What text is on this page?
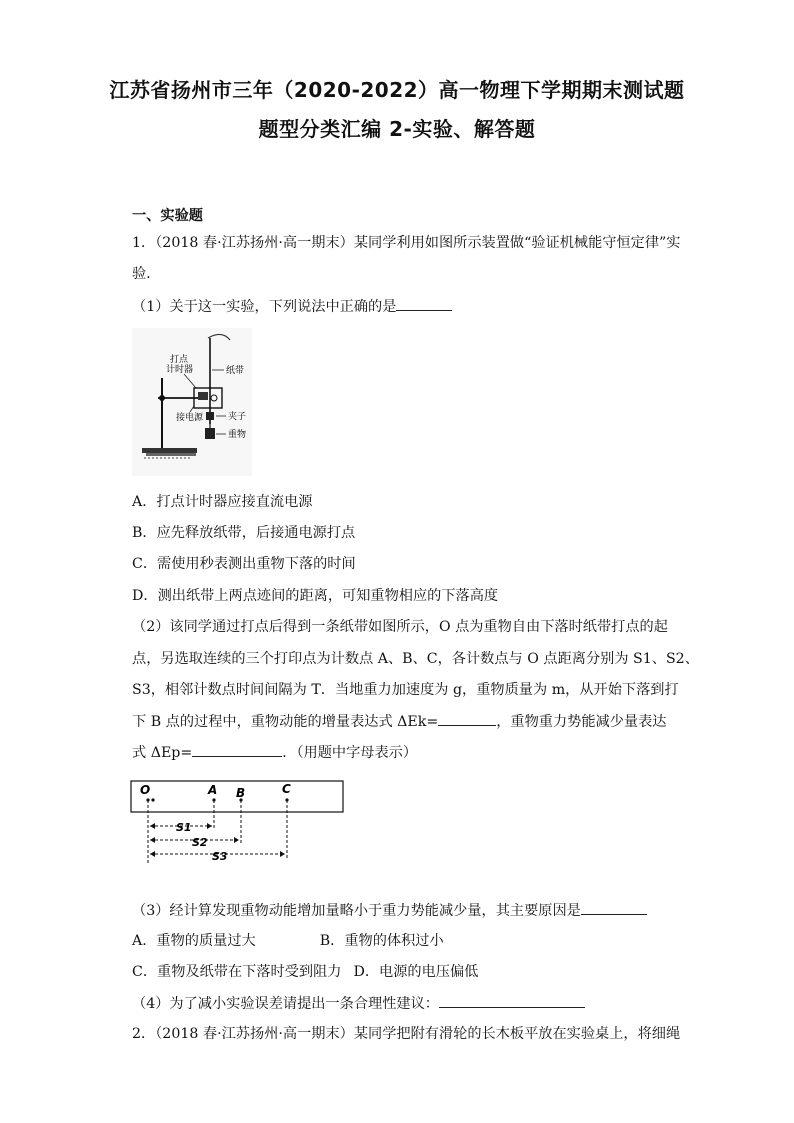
江苏省扬州市三年（2020-2022）高一物理下学期期末测试题
题型分类汇编 2-实验、解答题
一、实验题
1．（2018 春·江苏扬州·高一期末）某同学利用如图所示装置做“验证机械能守恒定律”实
验．
（1）关于这一实验，下列说法中正确的是
打点
计时器	纸带
接电源	夹子
重物
A．打点计时器应接直流电源
B．应先释放纸带，后接通电源打点
C．需使用秒表测出重物下落的时间
D．测出纸带上两点迹间的距离，可知重物相应的下落高度
（2）该同学通过打点后得到一条纸带如图所示，O 点为重物自由下落时纸带打点的起
点，另选取连续的三个打印点为计数点 A、B、C，各计数点与 O 点距离分别为 S1、S2、
S3，相邻计数点时间间隔为 T．当地重力加速度为 g，重物质量为 m，从开始下落到打
下 B 点的过程中，重物动能的增量表达式 ΔEk=	，重物重力势能减少量表达
式 ΔEp=	．（用题中字母表示）
O	A B	C
S1
S2
S3
（3）经计算发现重物动能增加量略小于重力势能减少量，其主要原因是
A．重物的质量过大	B．重物的体积过小
C．重物及纸带在下落时受到阻力 D．电源的电压偏低
（4）为了减小实验误差请提出一条合理性建议：
2．（2018 春·江苏扬州·高一期末）某同学把附有滑轮的长木板平放在实验桌上，将细绳
